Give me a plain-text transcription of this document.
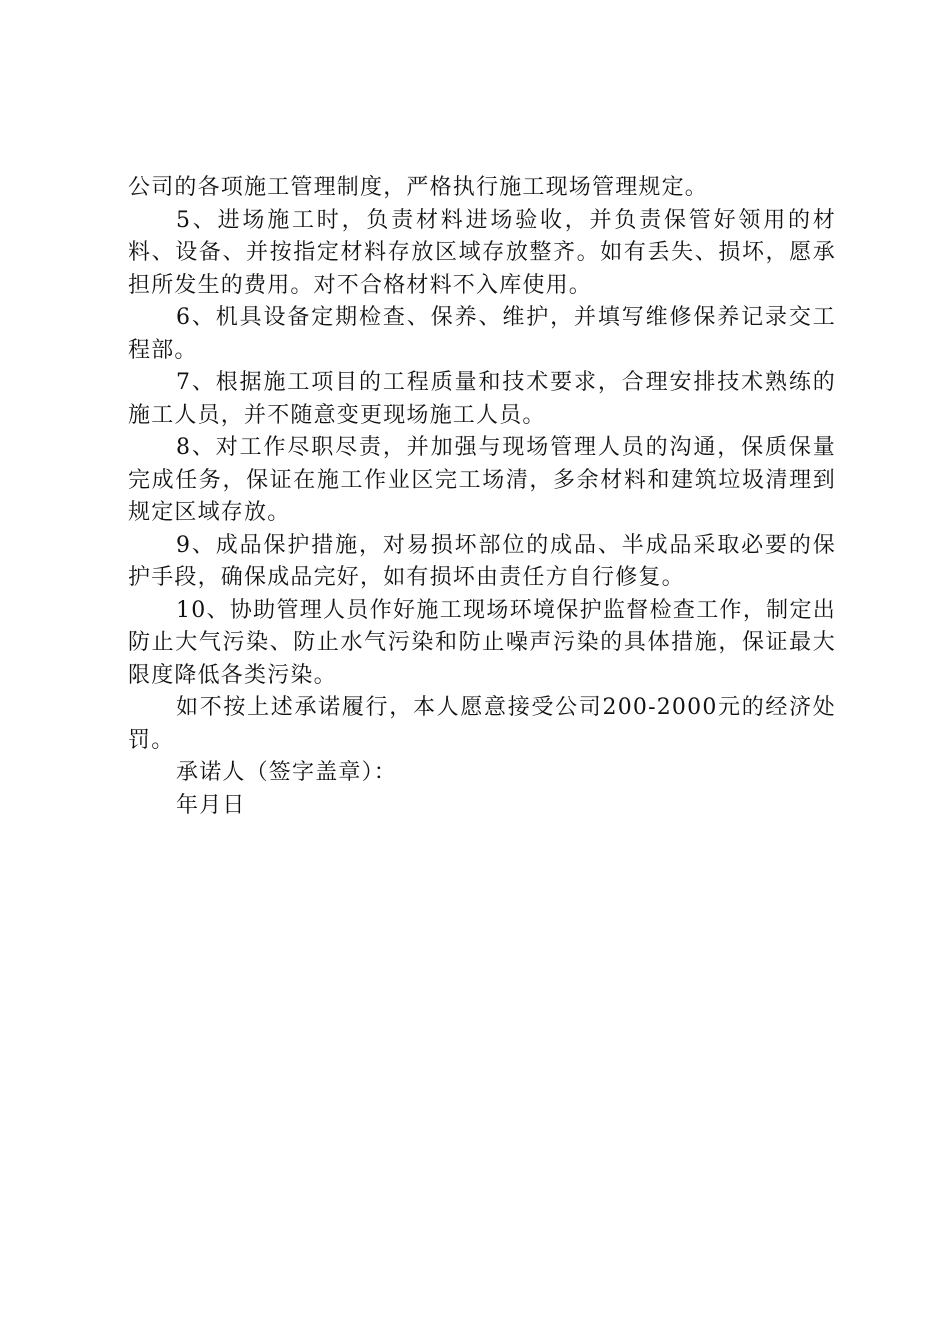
公司的各项施工管理制度，严格执行施工现场管理规定。

5、进场施工时，负责材料进场验收，并负责保管好领用的材料、设备、并按指定材料存放区域存放整齐。如有丢失、损坏，愿承担所发生的费用。对不合格材料不入库使用。

6、机具设备定期检查、保养、维护，并填写维修保养记录交工程部。

7、根据施工项目的工程质量和技术要求，合理安排技术熟练的施工人员，并不随意变更现场施工人员。

8、对工作尽职尽责，并加强与现场管理人员的沟通，保质保量完成任务，保证在施工作业区完工场清，多余材料和建筑垃圾清理到规定区域存放。

9、成品保护措施，对易损坏部位的成品、半成品采取必要的保护手段，确保成品完好，如有损坏由责任方自行修复。

10、协助管理人员作好施工现场环境保护监督检查工作，制定出防止大气污染、防止水气污染和防止噪声污染的具体措施，保证最大限度降低各类污染。

如不按上述承诺履行，本人愿意接受公司200-2000元的经济处罚。

承诺人（签字盖章）：

年月日
